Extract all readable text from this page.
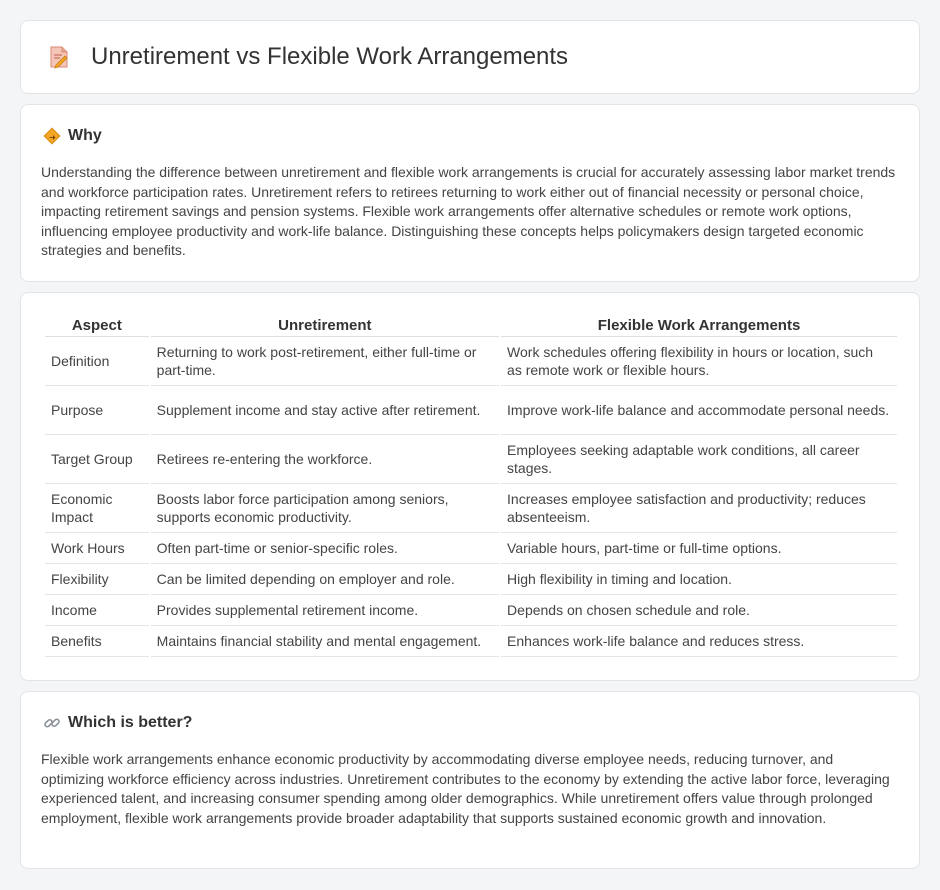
Unretirement vs Flexible Work Arrangements
Why

Understanding the difference between unretirement and flexible work arrangements is crucial for accurately assessing labor market trends and workforce participation rates. Unretirement refers to retirees returning to work either out of financial necessity or personal choice, impacting retirement savings and pension systems. Flexible work arrangements offer alternative schedules or remote work options, influencing employee productivity and work-life balance. Distinguishing these concepts helps policymakers design targeted economic strategies and benefits.

Aspect	Unretirement	Flexible Work Arrangements
Definition	Returning to work post-retirement, either full-time or part-time.	Work schedules offering flexibility in hours or location, such as remote work or flexible hours.
Purpose	Supplement income and stay active after retirement.	Improve work-life balance and accommodate personal needs.
Target Group	Retirees re-entering the workforce.	Employees seeking adaptable work conditions, all career stages.
Economic Impact	Boosts labor force participation among seniors, supports economic productivity.	Increases employee satisfaction and productivity; reduces absenteeism.
Work Hours	Often part-time or senior-specific roles.	Variable hours, part-time or full-time options.
Flexibility	Can be limited depending on employer and role.	High flexibility in timing and location.
Income	Provides supplemental retirement income.	Depends on chosen schedule and role.
Benefits	Maintains financial stability and mental engagement.	Enhances work-life balance and reduces stress.
Which is better?

Flexible work arrangements enhance economic productivity by accommodating diverse employee needs, reducing turnover, and optimizing workforce efficiency across industries. Unretirement contributes to the economy by extending the active labor force, leveraging experienced talent, and increasing consumer spending among older demographics. While unretirement offers value through prolonged employment, flexible work arrangements provide broader adaptability that supports sustained economic growth and innovation.
